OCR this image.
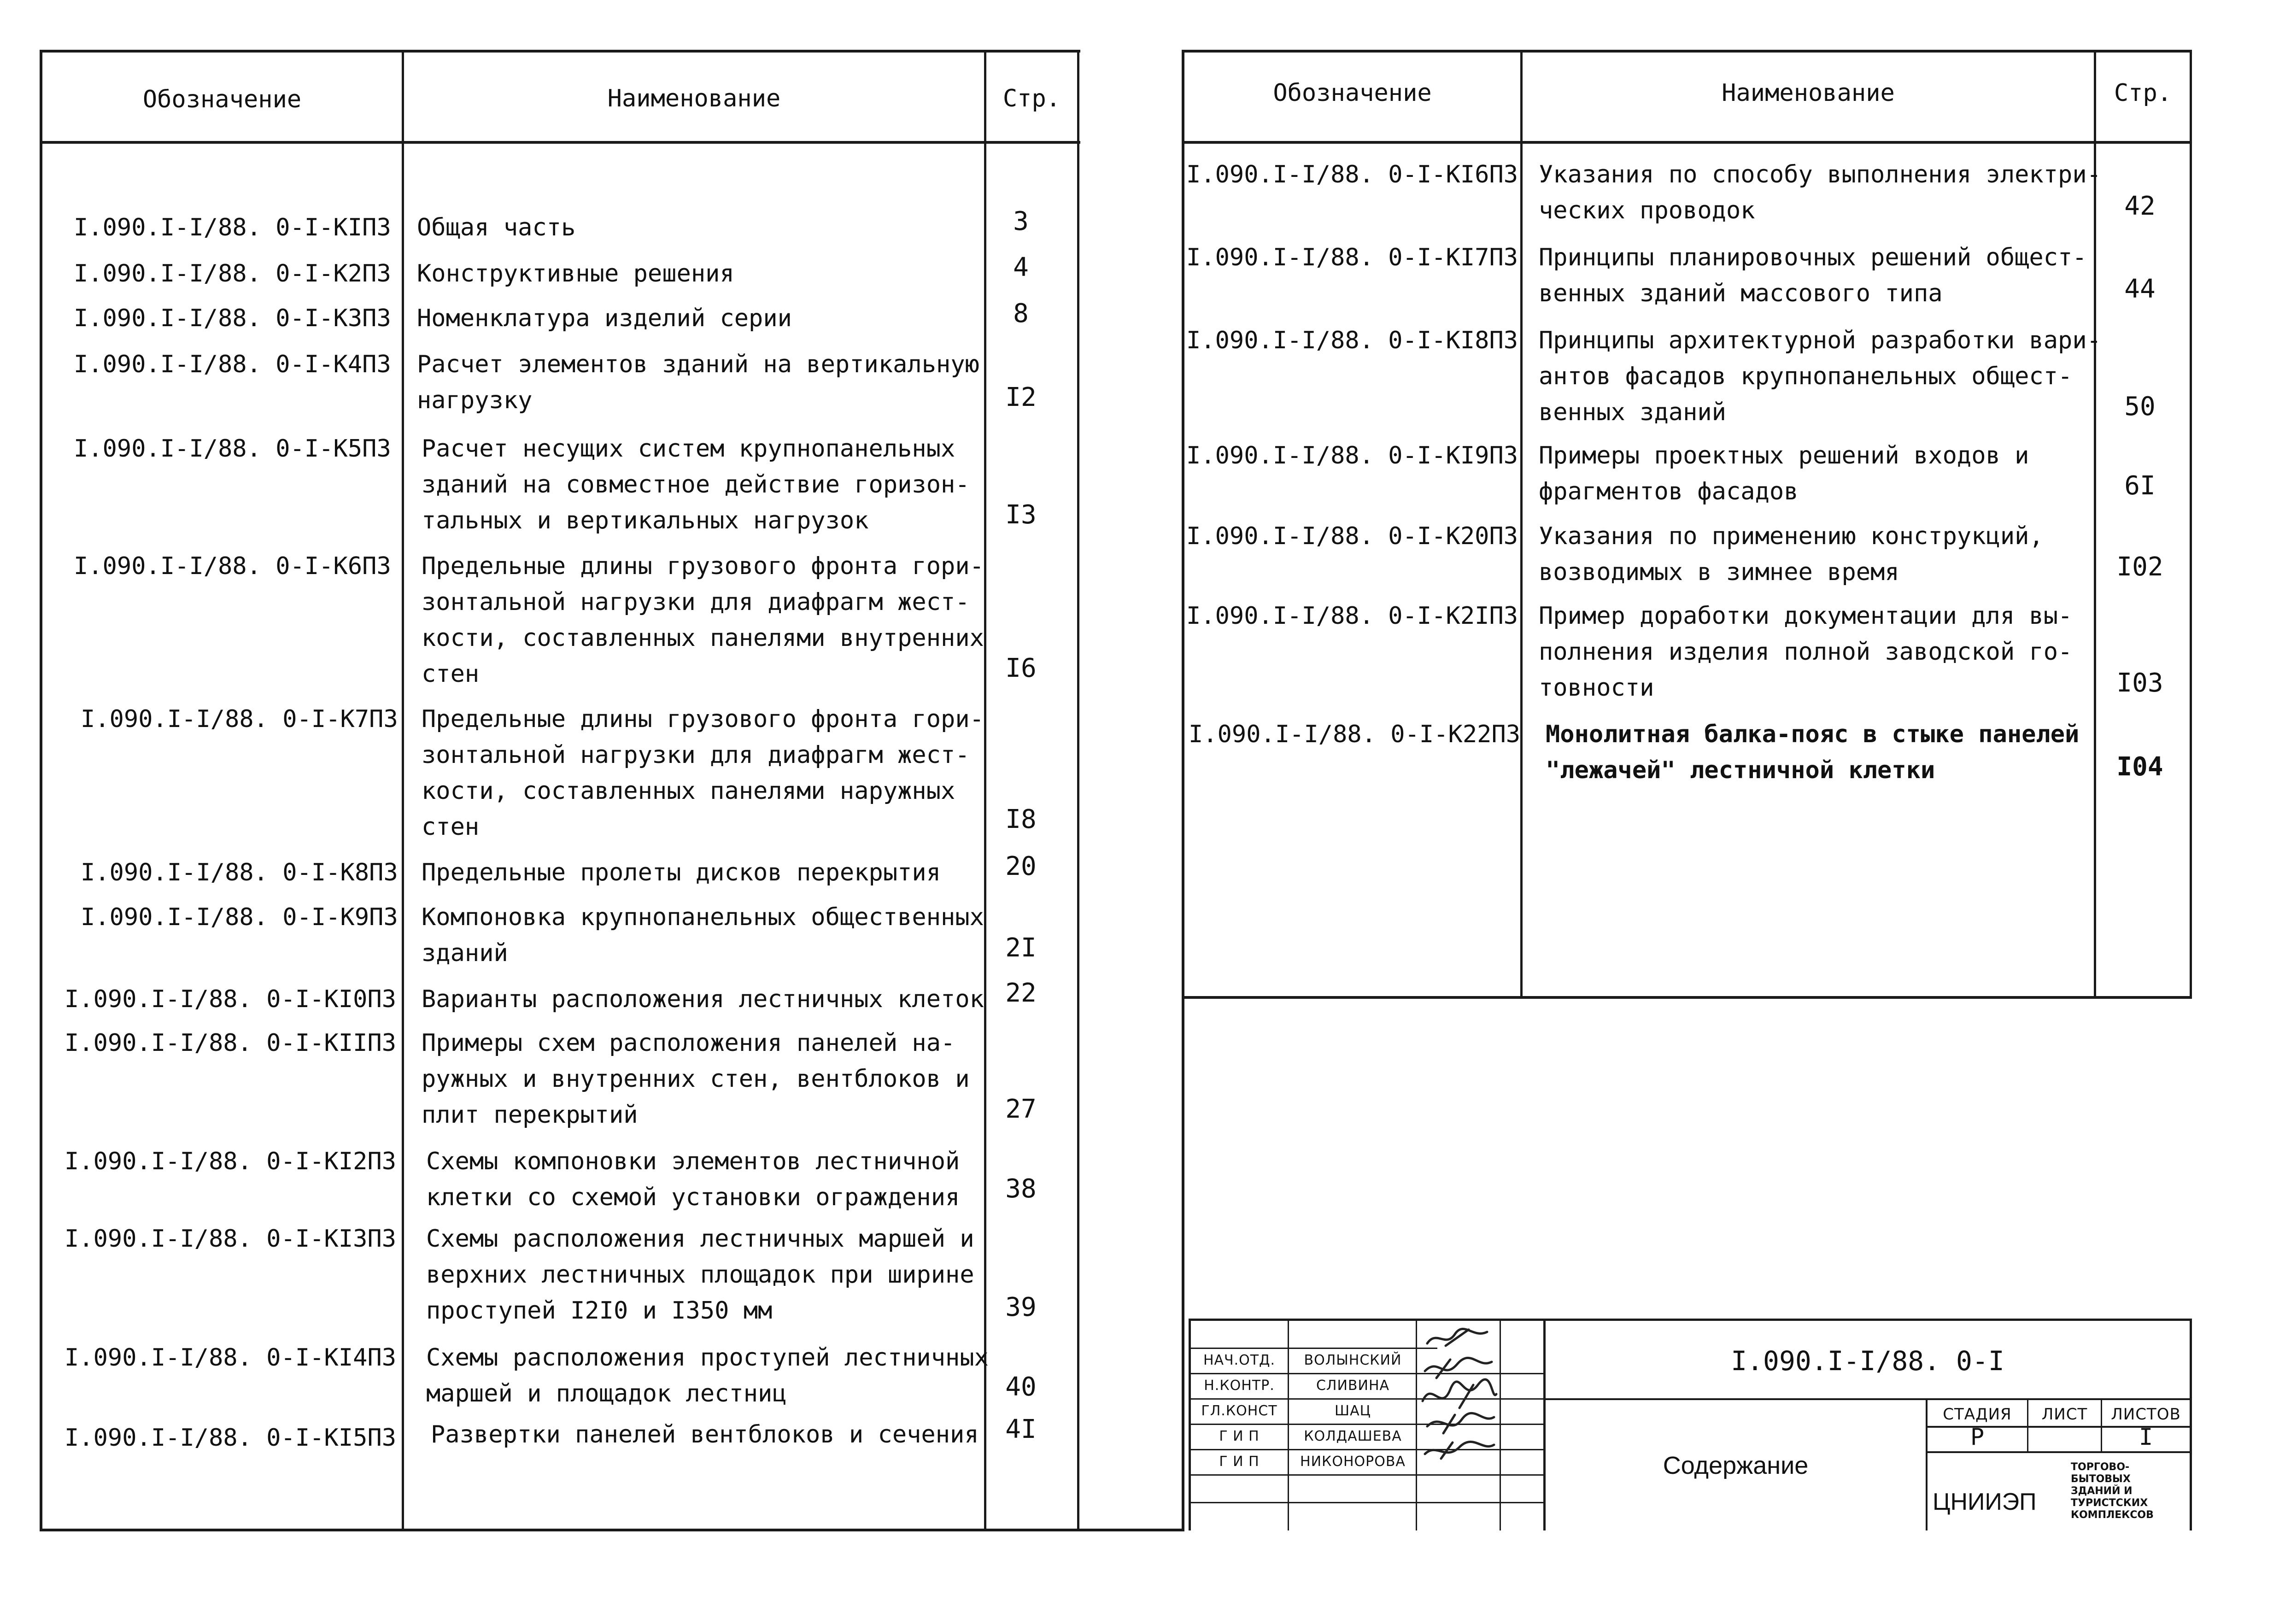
Обозначение	Наименование	Стр.	Обозначение	Наименование	Стр.
I.090.I-I/88. 0-I-KIПЗ Общая часть	3
I.090.I-I/88. 0-I-K2ПЗ Конструктивные решения	4
I.090.I-I/88. 0-I-K3ПЗ Номенклатура изделий серии	8
I.090.I-I/88. 0-I-K4ПЗ Расчет элементов зданий на вертикальную
нагрузку	I2
I.090.I-I/88. 0-I-K5ПЗ Расчет несущих систем крупнопанельных
зданий на совместное действие горизон-
тальных и вертикальных нагрузок	I3
I.090.I-I/88. 0-I-K6ПЗ Предельные длины грузового фронта гори-
зонтальной нагрузки для диафрагм жест-
кости, составленных панелями внутренних
стен	I6
I.090.I-I/88. 0-I-K7ПЗ Предельные длины грузового фронта гори-
зонтальной нагрузки для диафрагм жест-
кости, составленных панелями наружных
стен	I8
I.090.I-I/88. 0-I-K8ПЗ Предельные пролеты дисков перекрытия	20
I.090.I-I/88. 0-I-K9ПЗ Компоновка крупнопанельных общественных
зданий	2I
I.090.I-I/88. 0-I-KI0ПЗ Варианты расположения лестничных клеток 22
I.090.I-I/88. 0-I-KIIПЗ Примеры схем расположения панелей на-
ружных и внутренних стен, вентблоков и
плит перекрытий	27
I.090.I-I/88. 0-I-KI2ПЗ Схемы компоновки элементов лестничной
клетки со схемой установки ограждения	38
I.090.I-I/88. 0-I-KI3ПЗ Схемы расположения лестничных маршей и
верхних лестничных площадок при ширине
проступей I2I0 и I350 мм	39
I.090.I-I/88. 0-I-KI4ПЗ Схемы расположения проступей лестничных
маршей и площадок лестниц	40
I.090.I-I/88. 0-I-KI5ПЗ Развертки панелей вентблоков и сечения	4I
I.090.I-I/88. 0-I-KI6ПЗ Указания по способу выполнения электри-
ческих проводок	42
I.090.I-I/88. 0-I-KI7ПЗ Принципы планировочных решений общест-
венных зданий массового типа	44
I.090.I-I/88. 0-I-KI8ПЗ Принципы архитектурной разработки вари-
антов фасадов крупнопанельных общест-
венных зданий	50
I.090.I-I/88. 0-I-KI9ПЗ Примеры проектных решений входов и
фрагментов фасадов	6I
I.090.I-I/88. 0-I-K20ПЗ Указания по применению конструкций,
возводимых в зимнее время	I02
I.090.I-I/88. 0-I-K2IПЗ Пример доработки документации для вы-
полнения изделия полной заводской го-
товности	I03
I.090.I-I/88. 0-I-K22ПЗ Монолитная балка-пояс в стыке панелей
"лежачей" лестничной клетки	I04
НАЧ.ОТД.	ВОЛЫНСКИЙ
Н.КОНТР.	СЛИВИНА
ГЛ.КОНСТ	ШАЦ
Г И П	КОЛДАШЕВА
Г И П	НИКОНОРОВА
I.090.I-I/88. 0-I
Содержание
СТАДИЯ	ЛИСТ	ЛИСТОВ
Р	I
ЦНИИЭП
ТОРГОВО-БЫТОВЫХ ЗДАНИЙ И ТУРИСТСКИХ КОМПЛЕКСОВ
